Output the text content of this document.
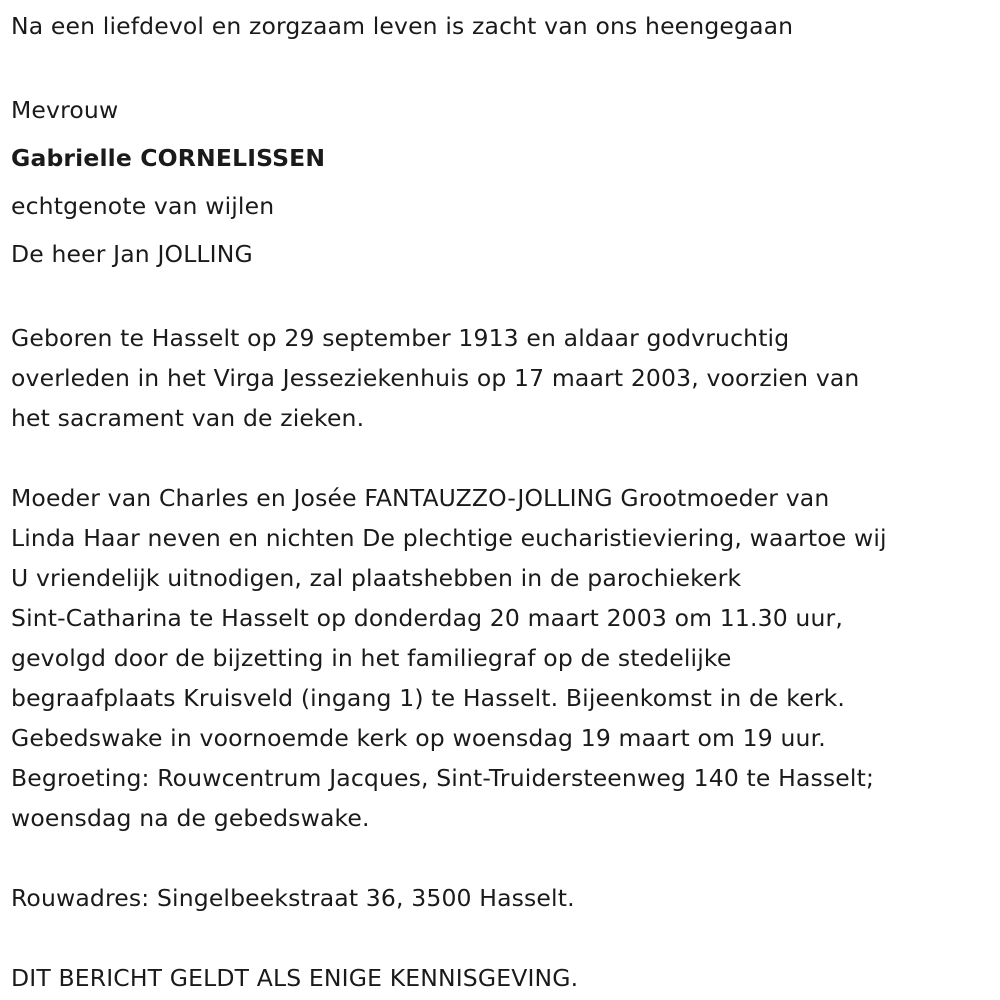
Na een liefdevol en zorgzaam leven is zacht van ons heengegaan
Mevrouw
Gabrielle CORNELISSEN
echtgenote van wijlen
De heer Jan JOLLING
Geboren te Hasselt op 29 september 1913 en aldaar godvruchtig
overleden in het Virga Jesseziekenhuis op 17 maart 2003, voorzien van
het sacrament van de zieken.
Moeder van Charles en Josée FANTAUZZO-JOLLING Grootmoeder van
Linda Haar neven en nichten De plechtige eucharistieviering, waartoe wij
U vriendelijk uitnodigen, zal plaatshebben in de parochiekerk
Sint-Catharina te Hasselt op donderdag 20 maart 2003 om 11.30 uur,
gevolgd door de bijzetting in het familiegraf op de stedelijke
begraafplaats Kruisveld (ingang 1) te Hasselt. Bijeenkomst in de kerk.
Gebedswake in voornoemde kerk op woensdag 19 maart om 19 uur.
Begroeting: Rouwcentrum Jacques, Sint-Truidersteenweg 140 te Hasselt;
woensdag na de gebedswake.
Rouwadres: Singelbeekstraat 36, 3500 Hasselt.
DIT BERICHT GELDT ALS ENIGE KENNISGEVING.
